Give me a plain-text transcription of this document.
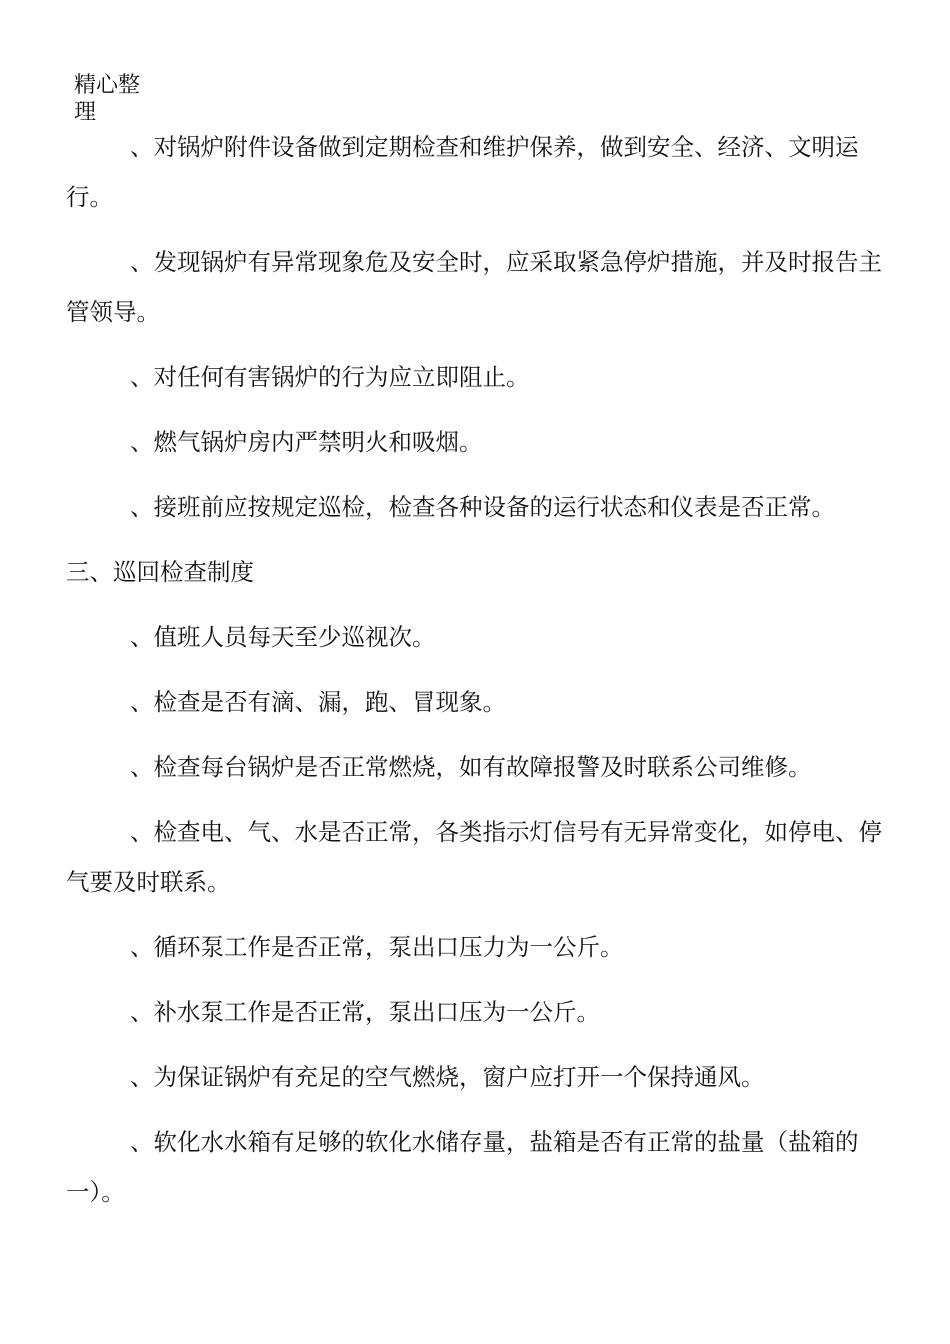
精心整
理

、对锅炉附件设备做到定期检查和维护保养，做到安全、经济、文明运行。

、发现锅炉有异常现象危及安全时，应采取紧急停炉措施，并及时报告主管领导。

、对任何有害锅炉的行为应立即阻止。

、燃气锅炉房内严禁明火和吸烟。

、接班前应按规定巡检，检查各种设备的运行状态和仪表是否正常。

三、巡回检查制度

、值班人员每天至少巡视次。

、检查是否有滴、漏，跑、冒现象。

、检查每台锅炉是否正常燃烧，如有故障报警及时联系公司维修。

、检查电、气、水是否正常，各类指示灯信号有无异常变化，如停电、停气要及时联系。

、循环泵工作是否正常，泵出口压力为一公斤。

、补水泵工作是否正常，泵出口压为一公斤。

、为保证锅炉有充足的空气燃烧，窗户应打开一个保持通风。

、软化水水箱有足够的软化水储存量，盐箱是否有正常的盐量（盐箱的一）。
